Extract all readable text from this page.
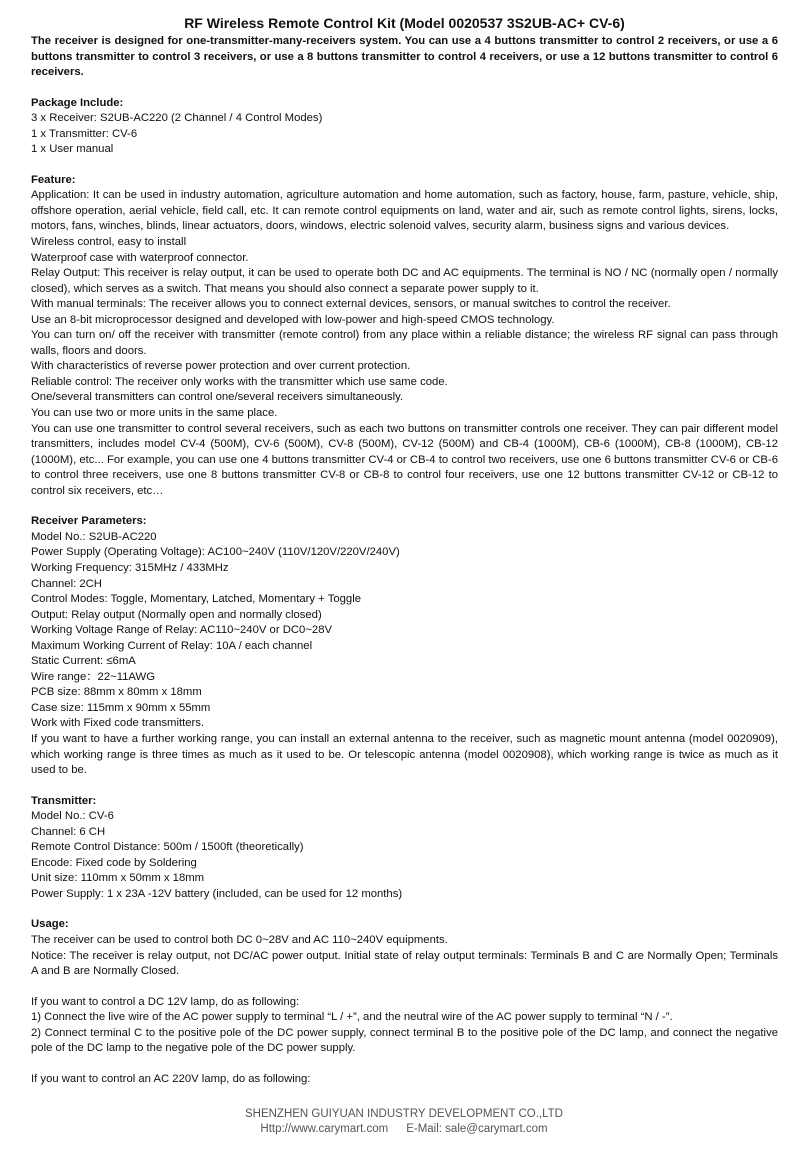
RF Wireless Remote Control Kit (Model 0020537 3S2UB-AC+ CV-6)

The receiver is designed for one-transmitter-many-receivers system. You can use a 4 buttons transmitter to control 2 receivers, or use a 6 buttons transmitter to control 3 receivers, or use a 8 buttons transmitter to control 4 receivers, or use a 12 buttons transmitter to control 6 receivers.

Package Include:

3 x Receiver: S2UB-AC220 (2 Channel / 4 Control Modes)

1 x Transmitter: CV-6

1 x User manual

Feature:

Application: It can be used in industry automation, agriculture automation and home automation, such as factory, house, farm, pasture, vehicle, ship, offshore operation, aerial vehicle, field call, etc. It can remote control equipments on land, water and air, such as remote control lights, sirens, locks, motors, fans, winches, blinds, linear actuators, doors, windows, electric solenoid valves, security alarm, business signs and various devices.

Wireless control, easy to install

Waterproof case with waterproof connector.

Relay Output: This receiver is relay output, it can be used to operate both DC and AC equipments. The terminal is NO / NC (normally open / normally closed), which serves as a switch. That means you should also connect a separate power supply to it.

With manual terminals: The receiver allows you to connect external devices, sensors, or manual switches to control the receiver.

Use an 8-bit microprocessor designed and developed with low-power and high-speed CMOS technology.

You can turn on/ off the receiver with transmitter (remote control) from any place within a reliable distance; the wireless RF signal can pass through walls, floors and doors.

With characteristics of reverse power protection and over current protection.

Reliable control: The receiver only works with the transmitter which use same code.

One/several transmitters can control one/several receivers simultaneously.

You can use two or more units in the same place.

You can use one transmitter to control several receivers, such as each two buttons on transmitter controls one receiver. They can pair different model transmitters, includes model CV-4 (500M), CV-6 (500M), CV-8 (500M), CV-12 (500M) and CB-4 (1000M), CB-6 (1000M), CB-8 (1000M), CB-12 (1000M), etc... For example, you can use one 4 buttons transmitter CV-4 or CB-4 to control two receivers, use one 6 buttons transmitter CV-6 or CB-6 to control three receivers, use one 8 buttons transmitter CV-8 or CB-8 to control four receivers, use one 12 buttons transmitter CV-12 or CB-12 to control six receivers, etc…

Receiver Parameters:

Model No.: S2UB-AC220

Power Supply (Operating Voltage): AC100~240V (110V/120V/220V/240V)

Working Frequency: 315MHz / 433MHz

Channel: 2CH

Control Modes: Toggle, Momentary, Latched, Momentary + Toggle

Output: Relay output (Normally open and normally closed)

Working Voltage Range of Relay: AC110~240V or DC0~28V

Maximum Working Current of Relay: 10A / each channel

Static Current: ≤6mA

Wire range：22~11AWG

PCB size: 88mm x 80mm x 18mm

Case size: 115mm x 90mm x 55mm

Work with Fixed code transmitters.

If you want to have a further working range, you can install an external antenna to the receiver, such as magnetic mount antenna (model 0020909), which working range is three times as much as it used to be. Or telescopic antenna (model 0020908), which working range is twice as much as it used to be.

Transmitter:

Model No.: CV-6

Channel: 6 CH

Remote Control Distance: 500m / 1500ft (theoretically)

Encode: Fixed code by Soldering

Unit size: 110mm x 50mm x 18mm

Power Supply: 1 x 23A -12V battery (included, can be used for 12 months)

Usage:

The receiver can be used to control both DC 0~28V and AC 110~240V equipments.

Notice: The receiver is relay output, not DC/AC power output. Initial state of relay output terminals: Terminals B and C are Normally Open; Terminals A and B are Normally Closed.

If you want to control a DC 12V lamp, do as following:

1) Connect the live wire of the AC power supply to terminal “L / +”, and the neutral wire of the AC power supply to terminal “N / -”.

2) Connect terminal C to the positive pole of the DC power supply, connect terminal B to the positive pole of the DC lamp, and connect the negative pole of the DC lamp to the negative pole of the DC power supply.

If you want to control an AC 220V lamp, do as following:

SHENZHEN GUIYUAN INDUSTRY DEVELOPMENT CO.,LTD
Http://www.carymart.com E-Mail: sale@carymart.com
